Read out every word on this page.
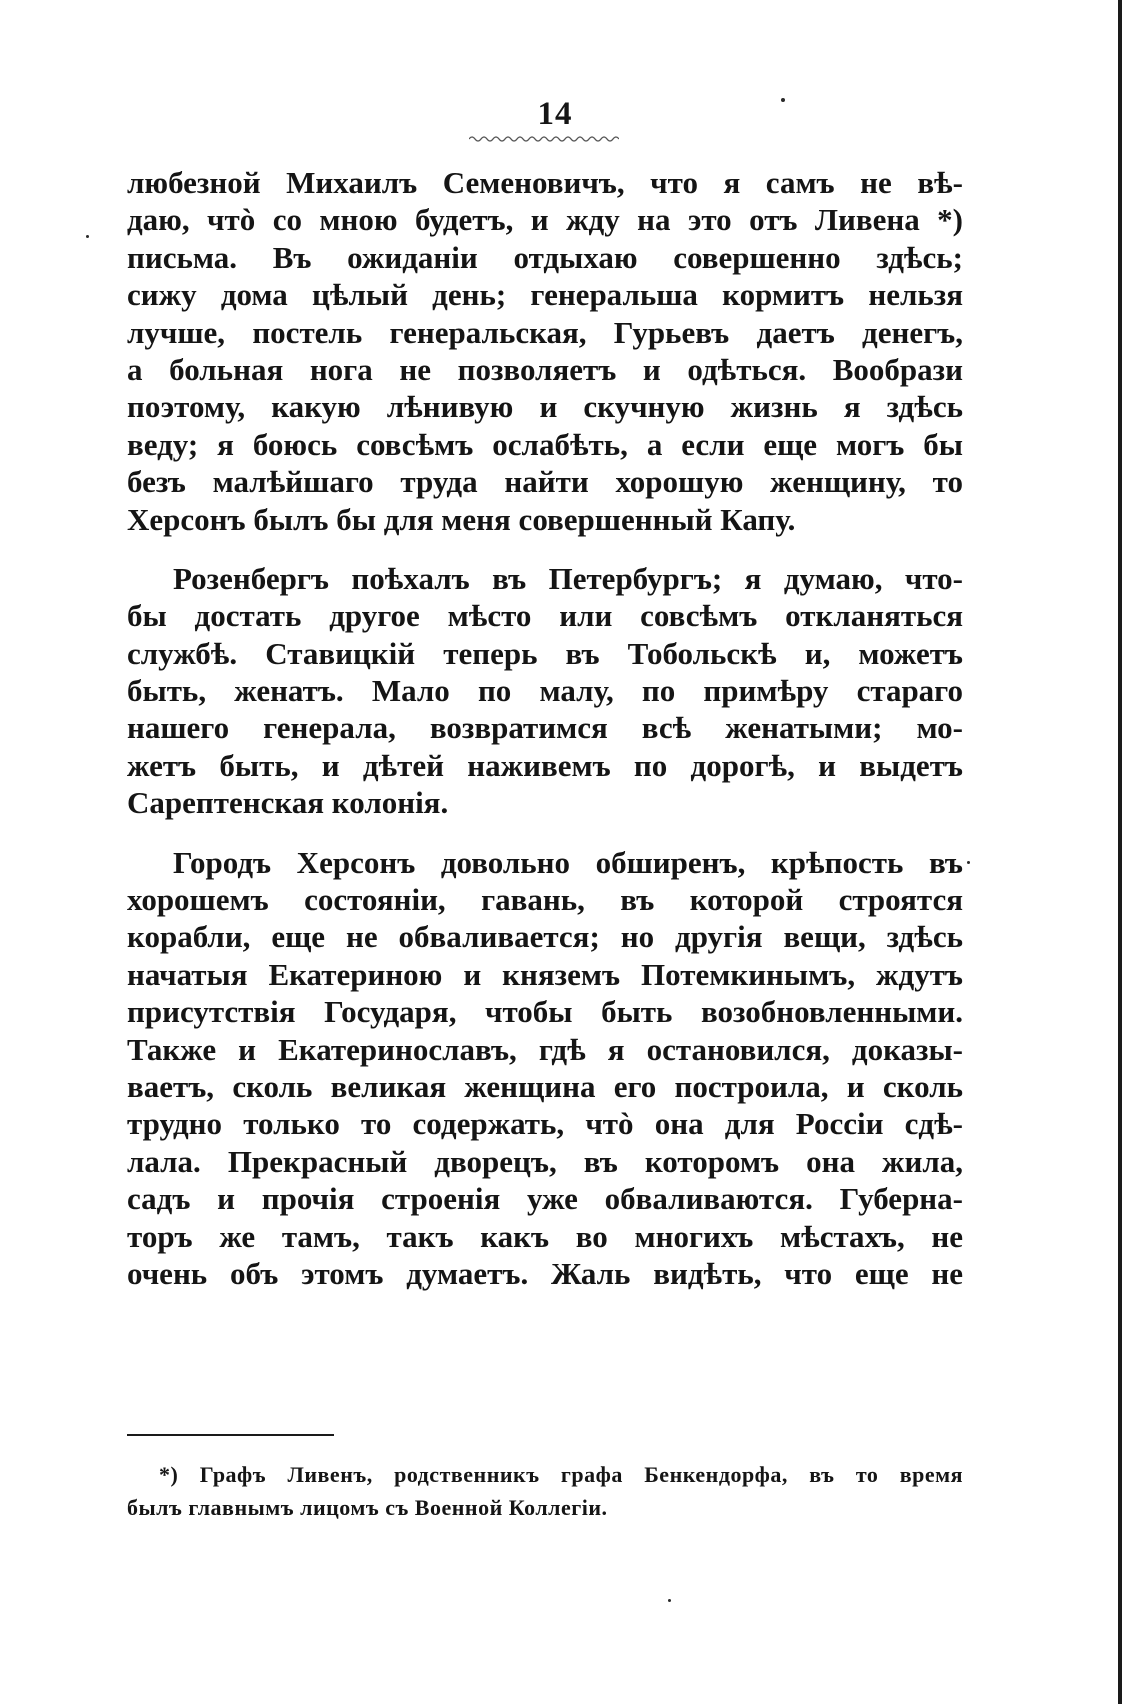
14
любезной Михаилъ Семеновичъ, что я самъ не вѣ-
даю, чтò со мною будетъ, и жду на это отъ Ливена *)
письма. Въ ожиданіи отдыхаю совершенно здѣсь;
сижу дома цѣлый день; генеральша кормитъ нельзя
лучше, постель генеральская, Гурьевъ даетъ денегъ,
а больная нога не позволяетъ и одѣться. Вообрази
поэтому, какую лѣнивую и скучную жизнь я здѣсь
веду; я боюсь совсѣмъ ослабѣть, а если еще могъ бы
безъ малѣйшаго труда найти хорошую женщину, то
Херсонъ былъ бы для меня совершенный Капу.
Розенбергъ поѣхалъ въ Петербургъ; я думаю, что-
бы достать другое мѣсто или совсѣмъ откланяться
службѣ. Ставицкій теперь въ Тобольскѣ и, можетъ
быть, женатъ. Мало по малу, по примѣру стараго
нашего генерала, возвратимся всѣ женатыми; мо-
жетъ быть, и дѣтей наживемъ по дорогѣ, и выдетъ
Сарептенская колонія.
Городъ Херсонъ довольно обширенъ, крѣпость въ
хорошемъ состояніи, гавань, въ которой строятся
корабли, еще не обваливается; но другія вещи, здѣсь
начатыя Екатериною и княземъ Потемкинымъ, ждутъ
присутствія Государя, чтобы быть возобновленными.
Также и Екатеринославъ, гдѣ я остановился, доказы-
ваетъ, сколь великая женщина его построила, и сколь
трудно только то содержать, чтò она для Россіи сдѣ-
лала. Прекрасный дворецъ, въ которомъ она жила,
садъ и прочія строенія уже обваливаются. Губерна-
торъ же тамъ, такъ какъ во многихъ мѣстахъ, не
очень объ этомъ думаетъ. Жаль видѣть, что еще не
*) Графъ Ливенъ, родственникъ графа Бенкендорфа, въ то время
былъ главнымъ лицомъ съ Военной Коллегіи.
